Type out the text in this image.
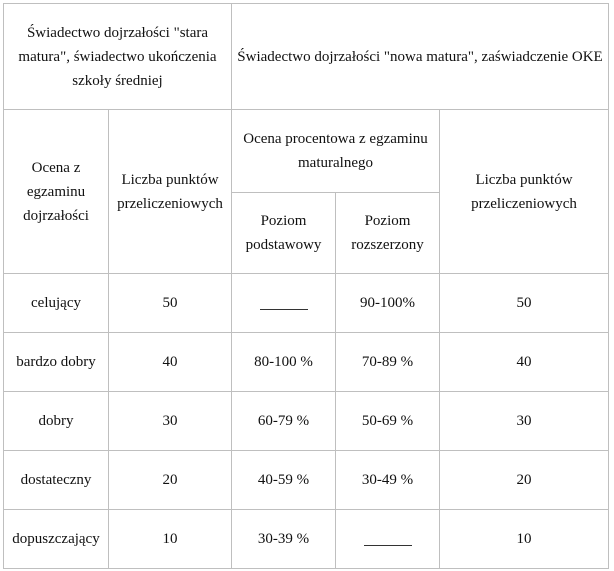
Świadectwo dojrzałości "stara matura", świadectwo ukończenia szkoły średniej		Świadectwo dojrzałości "nowa matura", zaświadczenie OKE		
Ocena z egzaminu dojrzałości	Liczba punktów przeliczeniowych	Ocena procentowa z egzaminu maturalnego		Liczba punktów przeliczeniowych
		Poziom podstawowy	Poziom rozszerzony	
celujący	50		90-100%	50
bardzo dobry	40	80-100 %	70-89 %	40
dobry	30	60-79 %	50-69 %	30
dostateczny	20	40-59 %	30-49 %	20
dopuszczający	10	30-39 %		10
